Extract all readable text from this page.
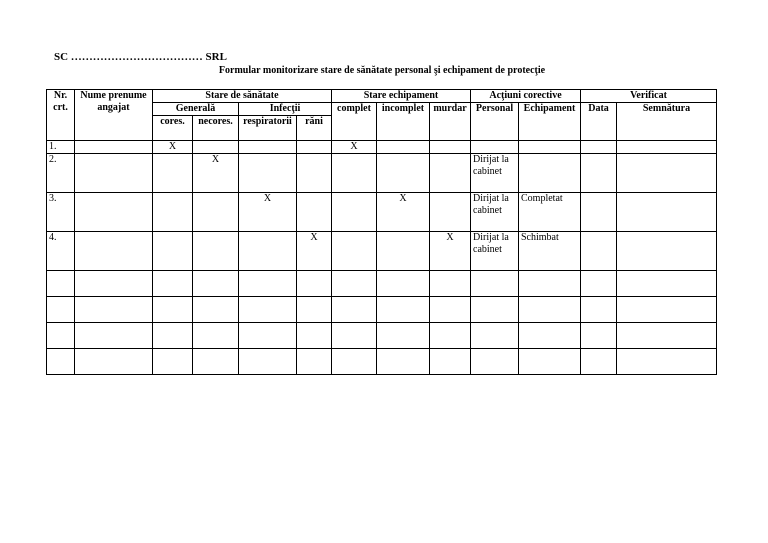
SC ……………………………… SRL
Formular monitorizare stare de sănătate personal şi echipament de protecţie
Nr. crt.	Nume prenume angajat	Stare de sănătate				Stare echipament			Acţiuni corective		Verificat	
		Generală		Infecţii		complet	incomplet	murdar	Personal	Echipament	Data	Semnătura
		cores.	necores.	respiratorii	răni							
1.		X				X						
2.			X						Dirijat la cabinet			
3.				X			X		Dirijat la cabinet	Completat		
4.					X			X	Dirijat la cabinet	Schimbat		
